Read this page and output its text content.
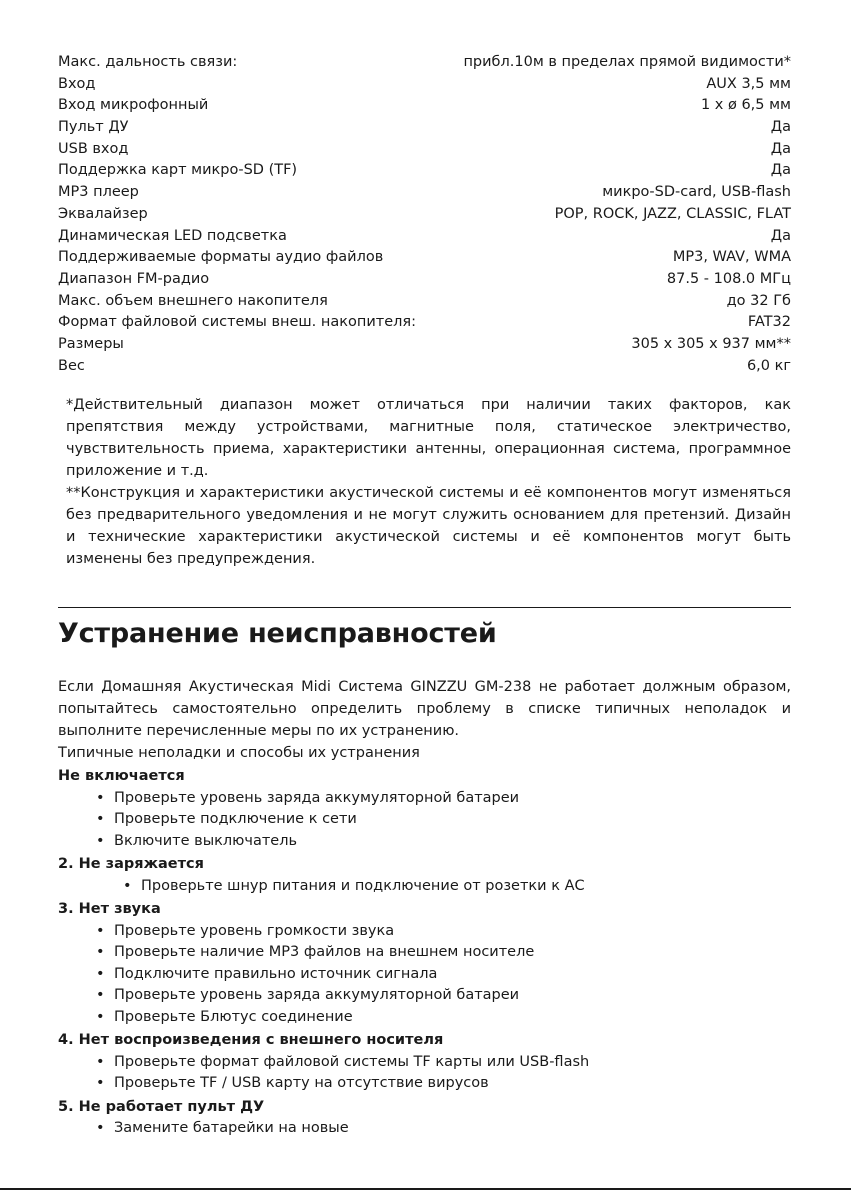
Макс. дальность связи:	прибл.10м в пределах прямой видимости*
Вход	AUX 3,5 мм
Вход микрофонный	1 x ø 6,5 мм
Пульт ДУ	Да
USB вход	Да
Поддержка карт микро-SD (TF)	Да
MP3 плеер	микро-SD-card, USB-flash
Эквалайзер	POP, ROCK, JAZZ, CLASSIC, FLAT
Динамическая LED подсветка	Да
Поддерживаемые форматы аудио файлов	MP3, WAV, WMA
Диапазон FM-радио	87.5 - 108.0 МГц
Макс. объем внешнего накопителя	до 32 Гб
Формат файловой системы внеш. накопителя:	FAT32
Размеры	305 x 305 x 937 мм**
Вес	6,0 кг

*Действительный диапазон может отличаться при наличии таких факторов, как препятствия между устройствами, магнитные поля, статическое электричество, чувствительность приема, характеристики антенны, операционная система, программное приложение и т.д.

**Конструкция и характеристики акустической системы и её компонентов могут изменяться без предварительного уведомления и не могут служить основанием для претензий. Дизайн и технические характеристики акустической системы и её компонентов могут быть изменены без предупреждения.

Устранение неисправностей

Если Домашняя Акустическая Midi Система GINZZU GM-238 не работает должным образом, попытайтесь самостоятельно определить проблему в списке типичных неполадок и выполните перечисленные меры по их устранению.

Типичные неполадки и способы их устранения

Не включается
• Проверьте уровень заряда аккумуляторной батареи
• Проверьте подключение к сети
• Включите выключатель
2. Не заряжается
• Проверьте шнур питания и подключение от розетки к АС
3. Нет звука
• Проверьте уровень громкости звука
• Проверьте наличие MP3 файлов на внешнем носителе
• Подключите правильно источник сигнала
• Проверьте уровень заряда аккумуляторной батареи
• Проверьте Блютус соединение
4. Нет воспроизведения с внешнего носителя
• Проверьте формат файловой системы TF карты или USB-flash
• Проверьте TF / USB карту на отсутствие вирусов
5. Не работает пульт ДУ
• Замените батарейки на новые
